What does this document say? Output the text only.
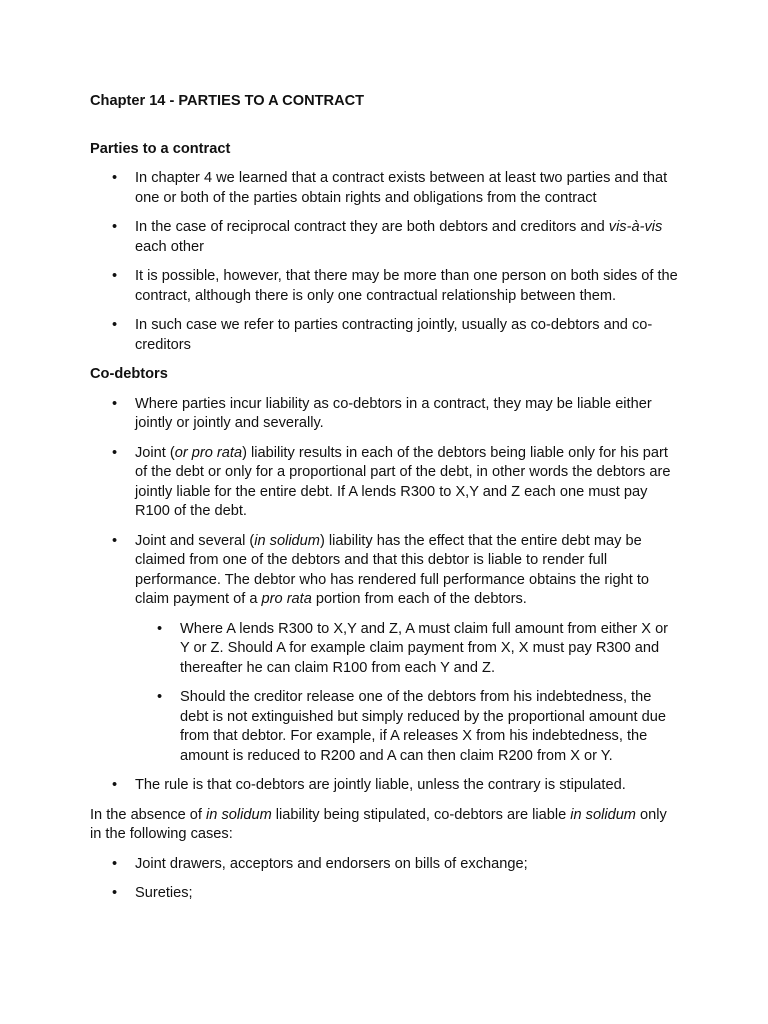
Chapter 14 - PARTIES TO A CONTRACT
Parties to a contract
• In chapter 4 we learned that a contract exists between at least two parties and that one or both of the parties obtain rights and obligations from the contract
• In the case of reciprocal contract they are both debtors and creditors and vis-à-vis each other
• It is possible, however, that there may be more than one person on both sides of the contract, although there is only one contractual relationship between them.
• In such case we refer to parties contracting jointly, usually as co-debtors and co-creditors
Co-debtors
• Where parties incur liability as co-debtors in a contract, they may be liable either jointly or jointly and severally.
• Joint (or pro rata) liability results in each of the debtors being liable only for his part of the debt or only for a proportional part of the debt, in other words the debtors are jointly liable for the entire debt. If A lends R300 to X,Y and Z each one must pay R100 of the debt.
• Joint and several (in solidum) liability has the effect that the entire debt may be claimed from one of the debtors and that this debtor is liable to render full performance. The debtor who has rendered full performance obtains the right to claim payment of a pro rata portion from each of the debtors.
• Where A lends R300 to X,Y and Z, A must claim full amount from either X or Y or Z. Should A for example claim payment from X, X must pay R300 and thereafter he can claim R100 from each Y and Z.
• Should the creditor release one of the debtors from his indebtedness, the debt is not extinguished but simply reduced by the proportional amount due from that debtor. For example, if A releases X from his indebtedness, the amount is reduced to R200 and A can then claim R200 from X or Y.
• The rule is that co-debtors are jointly liable, unless the contrary is stipulated.

In the absence of in solidum liability being stipulated, co-debtors are liable in solidum only in the following cases:

• Joint drawers, acceptors and endorsers on bills of exchange;
• Sureties;
